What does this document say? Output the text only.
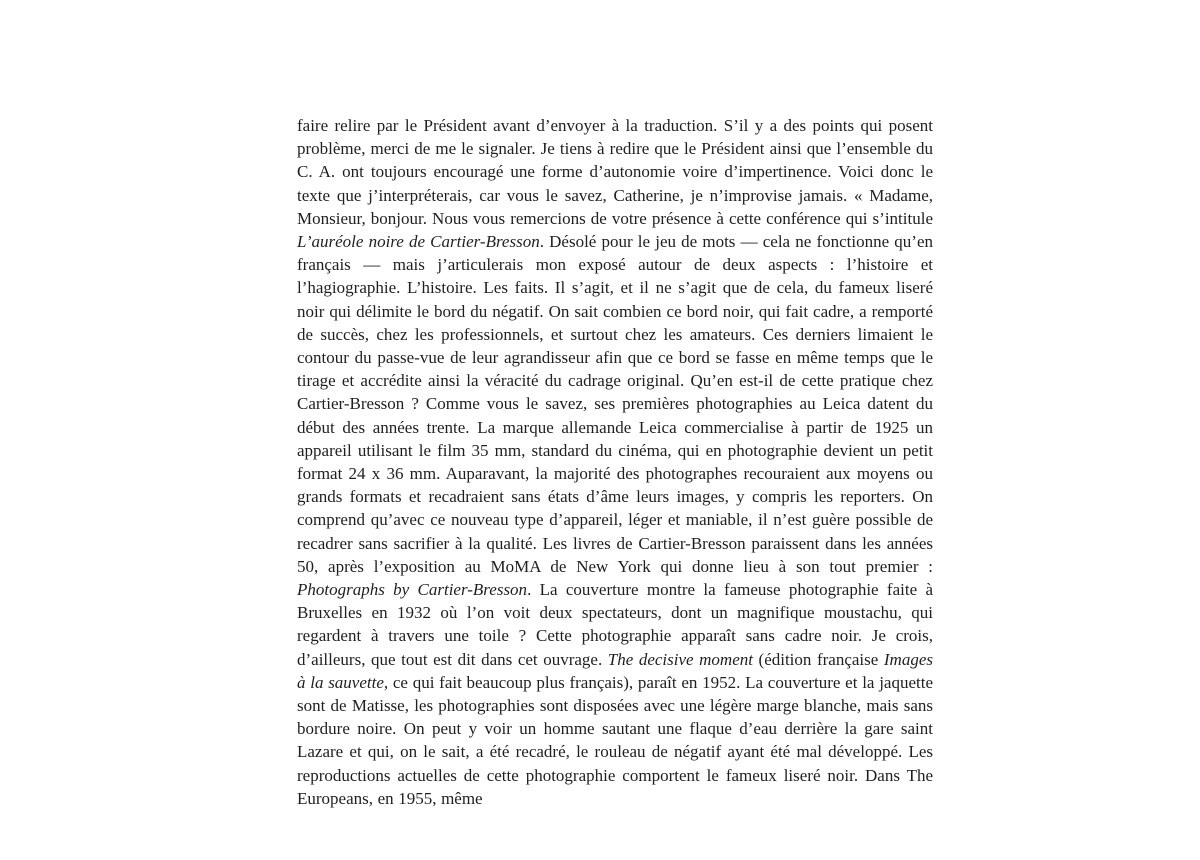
faire relire par le Président avant d’envoyer à la traduction. S’il y a des points qui posent problème, merci de me le signaler. Je tiens à redire que le Président ainsi que l’ensemble du C. A. ont toujours encouragé une forme d’autonomie voire d’impertinence. Voici donc le texte que j’interpréterais, car vous le savez, Catherine, je n’improvise jamais. « Madame, Monsieur, bonjour. Nous vous remercions de votre présence à cette conférence qui s’intitule L’auréole noire de Cartier-Bresson. Désolé pour le jeu de mots — cela ne fonctionne qu’en français — mais j’articulerais mon exposé autour de deux aspects : l’histoire et l’hagiographie. L’histoire. Les faits. Il s’agit, et il ne s’agit que de cela, du fameux liseré noir qui délimite le bord du négatif. On sait combien ce bord noir, qui fait cadre, a remporté de succès, chez les professionnels, et surtout chez les amateurs. Ces derniers limaient le contour du passe-vue de leur agrandisseur afin que ce bord se fasse en même temps que le tirage et accrédite ainsi la véracité du cadrage original. Qu’en est-il de cette pratique chez Cartier-Bresson ? Comme vous le savez, ses premières photographies au Leica datent du début des années trente. La marque allemande Leica commercialise à partir de 1925 un appareil utilisant le film 35 mm, standard du cinéma, qui en photographie devient un petit format 24 x 36 mm. Auparavant, la majorité des photographes recouraient aux moyens ou grands formats et recadraient sans états d’âme leurs images, y compris les reporters. On comprend qu’avec ce nouveau type d’appareil, léger et maniable, il n’est guère possible de recadrer sans sacrifier à la qualité. Les livres de Cartier-Bresson paraissent dans les années 50, après l’exposition au MoMA de New York qui donne lieu à son tout premier : Photographs by Cartier-Bresson. La couverture montre la fameuse photographie faite à Bruxelles en 1932 où l’on voit deux spectateurs, dont un magnifique moustachu, qui regardent à travers une toile ? Cette photographie apparaît sans cadre noir. Je crois, d’ailleurs, que tout est dit dans cet ouvrage. The decisive moment (édition française Images à la sauvette, ce qui fait beaucoup plus français), paraît en 1952. La couverture et la jaquette sont de Matisse, les photographies sont disposées avec une légère marge blanche, mais sans bordure noire. On peut y voir un homme sautant une flaque d’eau derrière la gare saint Lazare et qui, on le sait, a été recadré, le rouleau de négatif ayant été mal développé. Les reproductions actuelles de cette photographie comportent le fameux liseré noir. Dans The Europeans, en 1955, même
